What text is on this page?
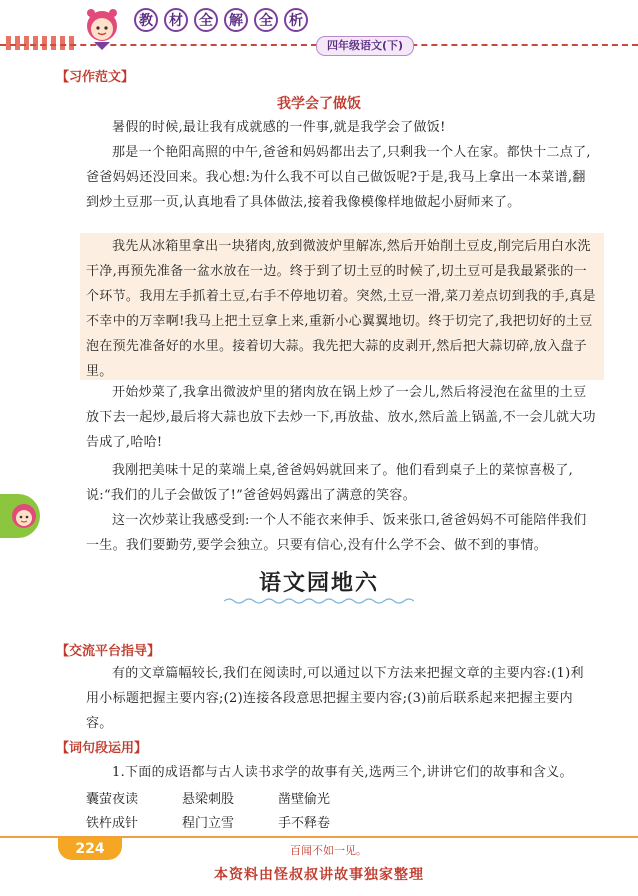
教	材	全	解	全	析
四年级语文(下)
【习作范文】
我学会了做饭

暑假的时候,最让我有成就感的一件事,就是我学会了做饭!

那是一个艳阳高照的中午,爸爸和妈妈都出去了,只剩我一个人在家。都快十二点了,爸爸妈妈还没回来。我心想:为什么我不可以自己做饭呢?于是,我马上拿出一本菜谱,翻到炒土豆那一页,认真地看了具体做法,接着我像模像样地做起小厨师来了。

我先从冰箱里拿出一块猪肉,放到微波炉里解冻,然后开始削土豆皮,削完后用白水洗干净,再预先准备一盆水放在一边。终于到了切土豆的时候了,切土豆可是我最紧张的一个环节。我用左手抓着土豆,右手不停地切着。突然,土豆一滑,菜刀差点切到我的手,真是不幸中的万幸啊!我马上把土豆拿上来,重新小心翼翼地切。终于切完了,我把切好的土豆泡在预先准备好的水里。接着切大蒜。我先把大蒜的皮剥开,然后把大蒜切碎,放入盘子里。

开始炒菜了,我拿出微波炉里的猪肉放在锅上炒了一会儿,然后将浸泡在盆里的土豆放下去一起炒,最后将大蒜也放下去炒一下,再放盐、放水,然后盖上锅盖,不一会儿就大功告成了,哈哈!

我刚把美味十足的菜端上桌,爸爸妈妈就回来了。他们看到桌子上的菜惊喜极了,说:“我们的儿子会做饭了!”爸爸妈妈露出了满意的笑容。

这一次炒菜让我感受到:一个人不能衣来伸手、饭来张口,爸爸妈妈不可能陪伴我们一生。我们要勤劳,要学会独立。只要有信心,没有什么学不会、做不到的事情。

语文园地六
【交流平台指导】

有的文章篇幅较长,我们在阅读时,可以通过以下方法来把握文章的主要内容:(1)利用小标题把握主要内容;(2)连接各段意思把握主要内容;(3)前后联系起来把握主要内容。

【词句段运用】

1.下面的成语都与古人读书求学的故事有关,选两三个,讲讲它们的故事和含义。

囊萤夜读	悬梁刺股	凿壁偷光
铁杵成针	程门立雪	手不释卷
224	百闻不如一见。
本资料由怪叔叔讲故事独家整理
